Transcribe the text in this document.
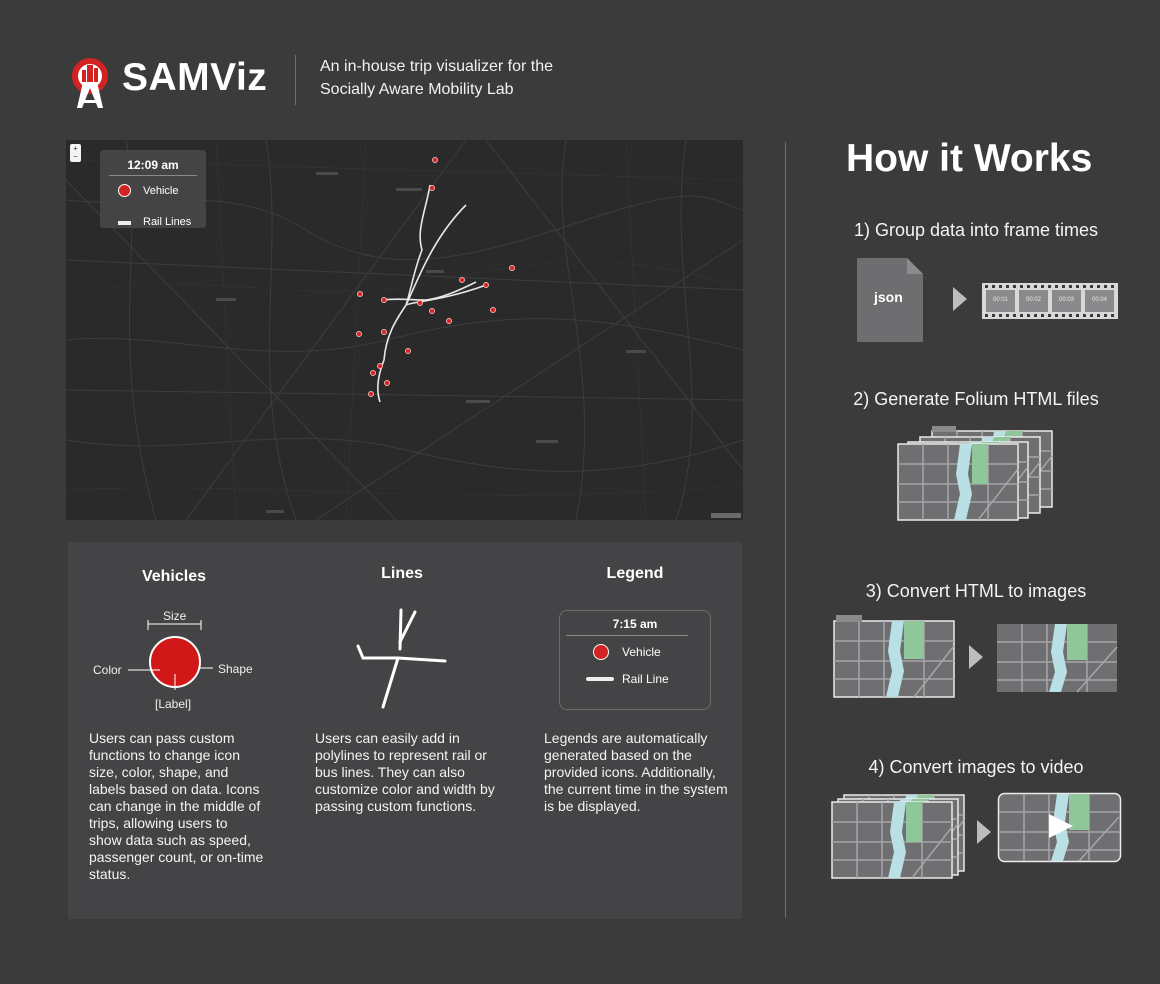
SAMViz	An in-house trip visualizer for the
Socially Aware Mobility Lab
+
−
12:09 am
Vehicle
Rail Lines
Vehicles
Size
Color	Shape
[Label]
Users can pass custom functions to change icon size, color, shape, and labels based on data. Icons can change in the middle of trips, allowing users to show data such as speed, passenger count, or on-time status.
Lines
Users can easily add in polylines to represent rail or bus lines. They can also customize color and width by passing custom functions.
Legend
7:15 am
Vehicle
Rail Line
Legends are automatically generated based on the provided icons. Additionally, the current time in the system is be displayed.
How it Works
1) Group data into frame times
json	00:01	00:02	00:03	00:04
2) Generate Folium HTML files
3) Convert HTML to images
4) Convert images to video
